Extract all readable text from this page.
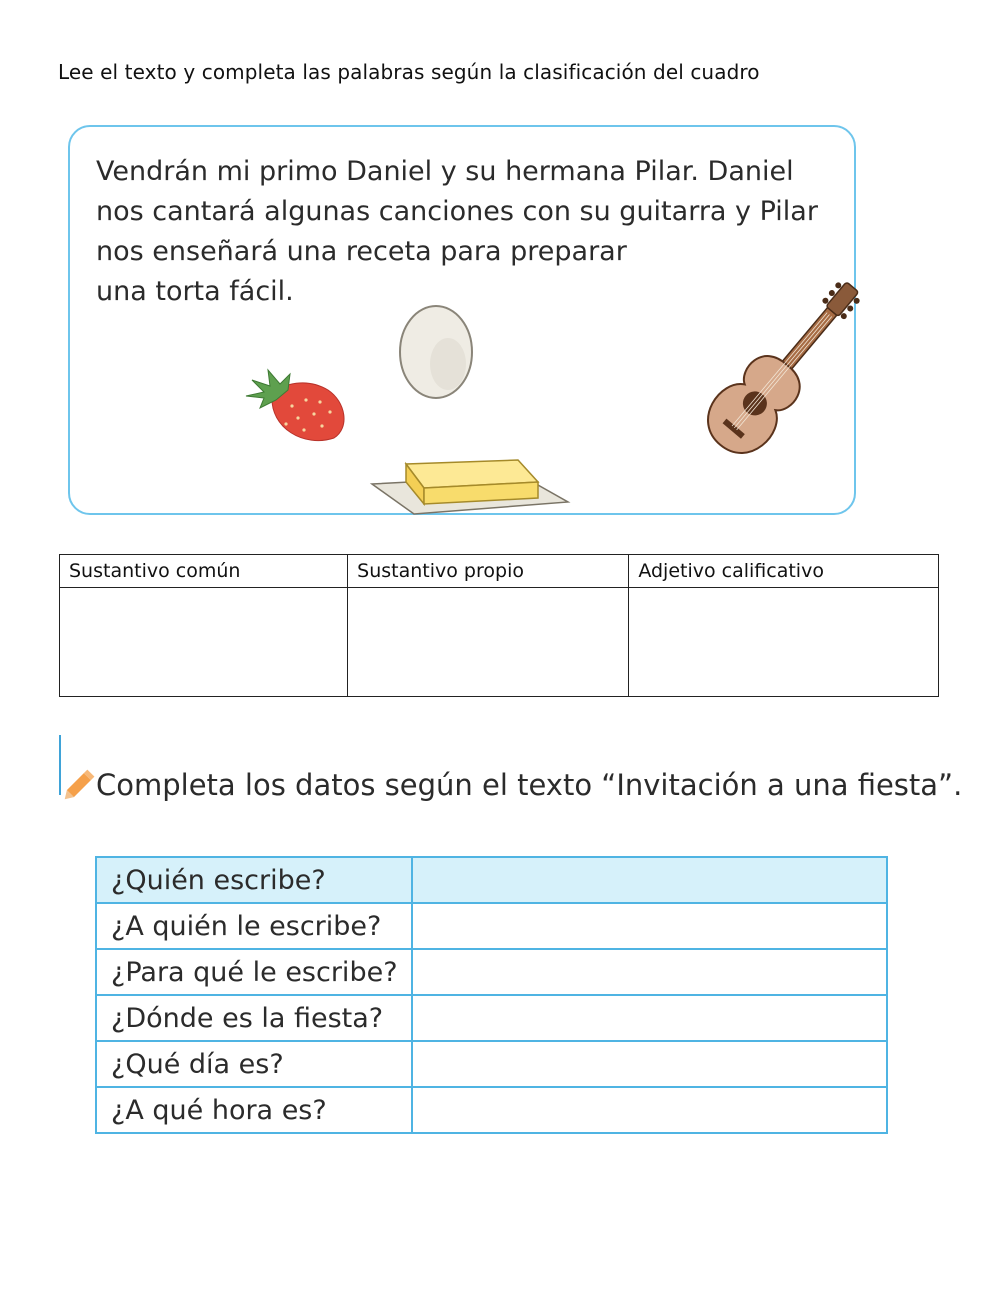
Lee el texto y completa las palabras según la clasificación del cuadro
Vendrán mi primo Daniel y su hermana Pilar. Daniel
nos cantará algunas canciones con su guitarra y Pilar
nos enseñará una receta para preparar
una torta fácil.
Sustantivo común	Sustantivo propio	Adjetivo calificativo

Completa los datos según el texto “Invitación a una fiesta”.
¿Quién escribe?	
¿A quién le escribe?	
¿Para qué le escribe?	
¿Dónde es la fiesta?	
¿Qué día es?	
¿A qué hora es?	
